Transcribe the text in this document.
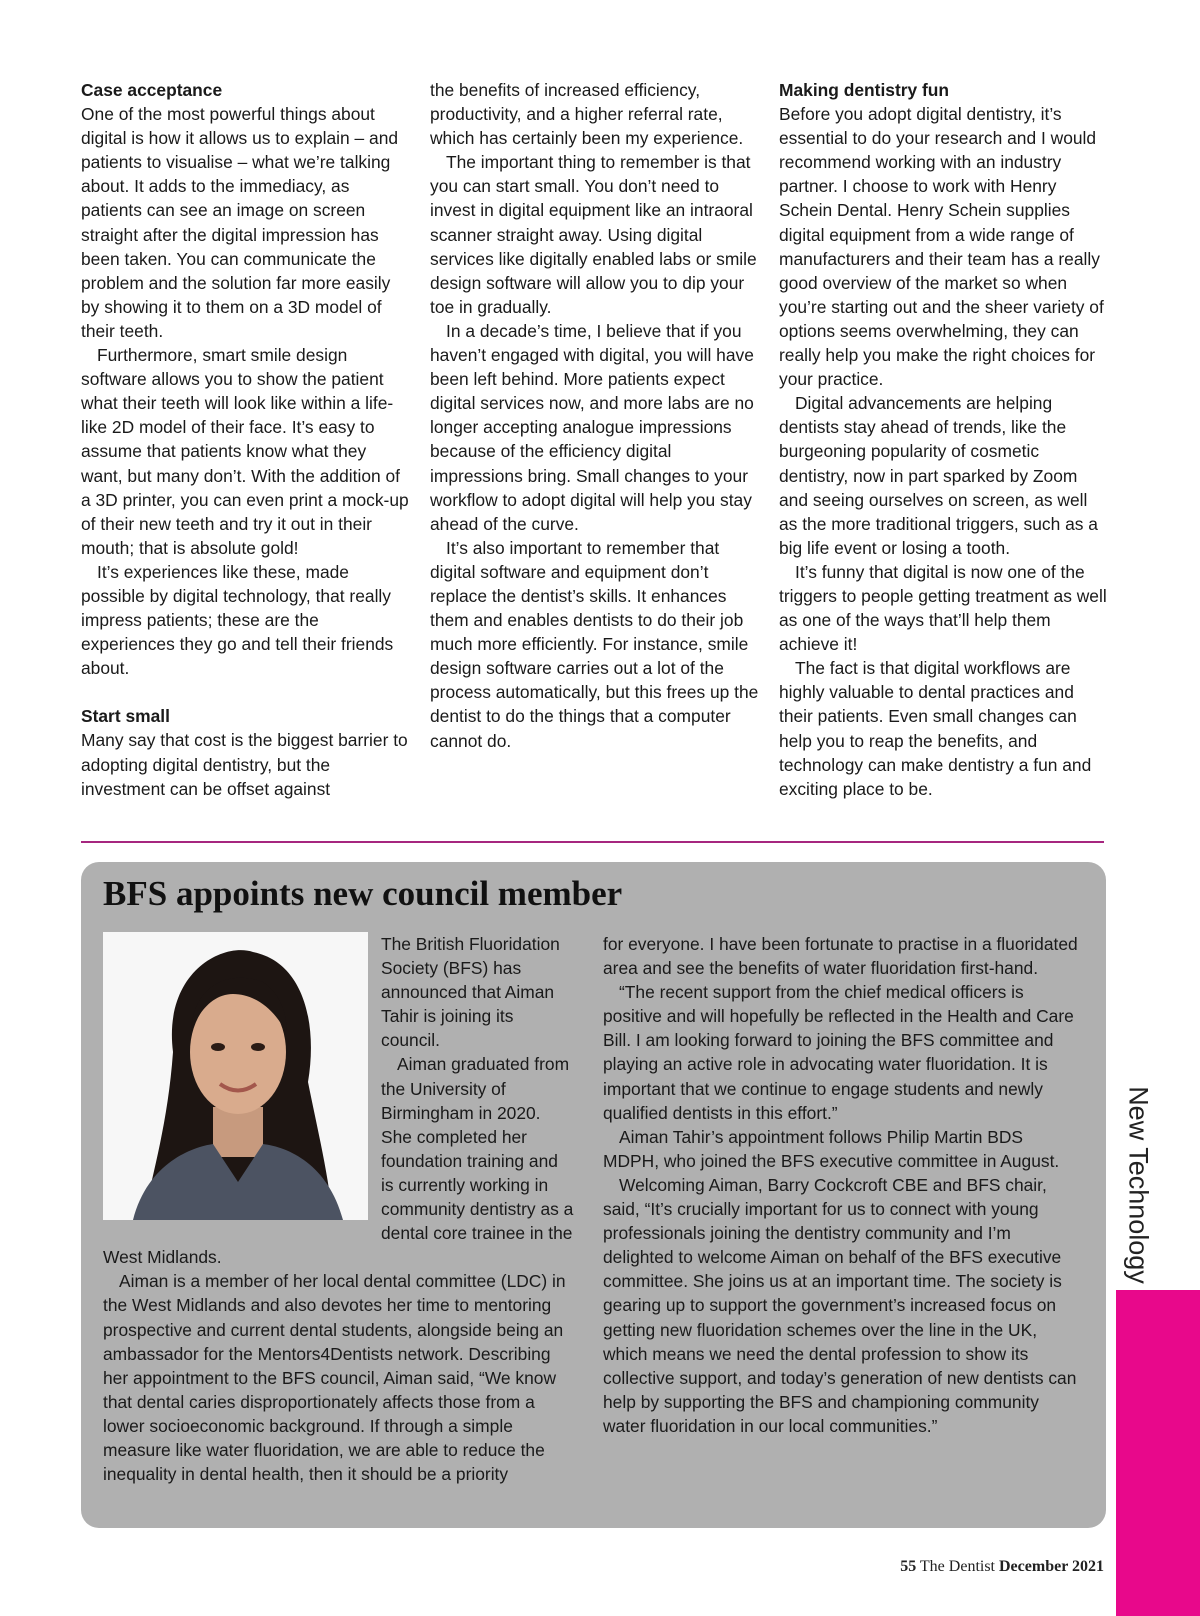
Case acceptance

One of the most powerful things about digital is how it allows us to explain – and patients to visualise – what we’re talking about. It adds to the immediacy, as patients can see an image on screen straight after the digital impression has been taken. You can communicate the problem and the solution far more easily by showing it to them on a 3D model of their teeth.

Furthermore, smart smile design software allows you to show the patient what their teeth will look like within a life-like 2D model of their face. It’s easy to assume that patients know what they want, but many don’t. With the addition of a 3D printer, you can even print a mock-up of their new teeth and try it out in their mouth; that is absolute gold!

It’s experiences like these, made possible by digital technology, that really impress patients; these are the experiences they go and tell their friends about.

Start small

Many say that cost is the biggest barrier to adopting digital dentistry, but the investment can be offset against

the benefits of increased efficiency, productivity, and a higher referral rate, which has certainly been my experience.

The important thing to remember is that you can start small. You don’t need to invest in digital equipment like an intraoral scanner straight away. Using digital services like digitally enabled labs or smile design software will allow you to dip your toe in gradually.

In a decade’s time, I believe that if you haven’t engaged with digital, you will have been left behind. More patients expect digital services now, and more labs are no longer accepting analogue impressions because of the efficiency digital impressions bring. Small changes to your workflow to adopt digital will help you stay ahead of the curve.

It’s also important to remember that digital software and equipment don’t replace the dentist’s skills. It enhances them and enables dentists to do their job much more efficiently. For instance, smile design software carries out a lot of the process automatically, but this frees up the dentist to do the things that a computer cannot do.

Making dentistry fun

Before you adopt digital dentistry, it’s essential to do your research and I would recommend working with an industry partner. I choose to work with Henry Schein Dental. Henry Schein supplies digital equipment from a wide range of manufacturers and their team has a really good overview of the market so when you’re starting out and the sheer variety of options seems overwhelming, they can really help you make the right choices for your practice.

Digital advancements are helping dentists stay ahead of trends, like the burgeoning popularity of cosmetic dentistry, now in part sparked by Zoom and seeing ourselves on screen, as well as the more traditional triggers, such as a big life event or losing a tooth.

It’s funny that digital is now one of the triggers to people getting treatment as well as one of the ways that’ll help them achieve it!

The fact is that digital workflows are highly valuable to dental practices and their patients. Even small changes can help you to reap the benefits, and technology can make dentistry a fun and exciting place to be.

BFS appoints new council member

The British Fluoridation Society (BFS) has announced that Aiman Tahir is joining its council.

Aiman graduated from the University of Birmingham in 2020. She completed her foundation training and is currently working in community dentistry as a dental core trainee in the West Midlands.

Aiman is a member of her local dental committee (LDC) in the West Midlands and also devotes her time to mentoring prospective and current dental students, alongside being an ambassador for the Mentors4Dentists network. Describing her appointment to the BFS council, Aiman said, “We know that dental caries disproportionately affects those from a lower socioeconomic background. If through a simple measure like water fluoridation, we are able to reduce the inequality in dental health, then it should be a priority

for everyone. I have been fortunate to practise in a fluoridated area and see the benefits of water fluoridation first-hand.

“The recent support from the chief medical officers is positive and will hopefully be reflected in the Health and Care Bill. I am looking forward to joining the BFS committee and playing an active role in advocating water fluoridation. It is important that we continue to engage students and newly qualified dentists in this effort.”

Aiman Tahir’s appointment follows Philip Martin BDS MDPH, who joined the BFS executive committee in August.

Welcoming Aiman, Barry Cockcroft CBE and BFS chair, said, “It’s crucially important for us to connect with young professionals joining the dentistry community and I’m delighted to welcome Aiman on behalf of the BFS executive committee. She joins us at an important time. The society is gearing up to support the government’s increased focus on getting new fluoridation schemes over the line in the UK, which means we need the dental profession to show its collective support, and today’s generation of new dentists can help by supporting the BFS and championing community water fluoridation in our local communities.”

New Technology
55 The Dentist December 2021
